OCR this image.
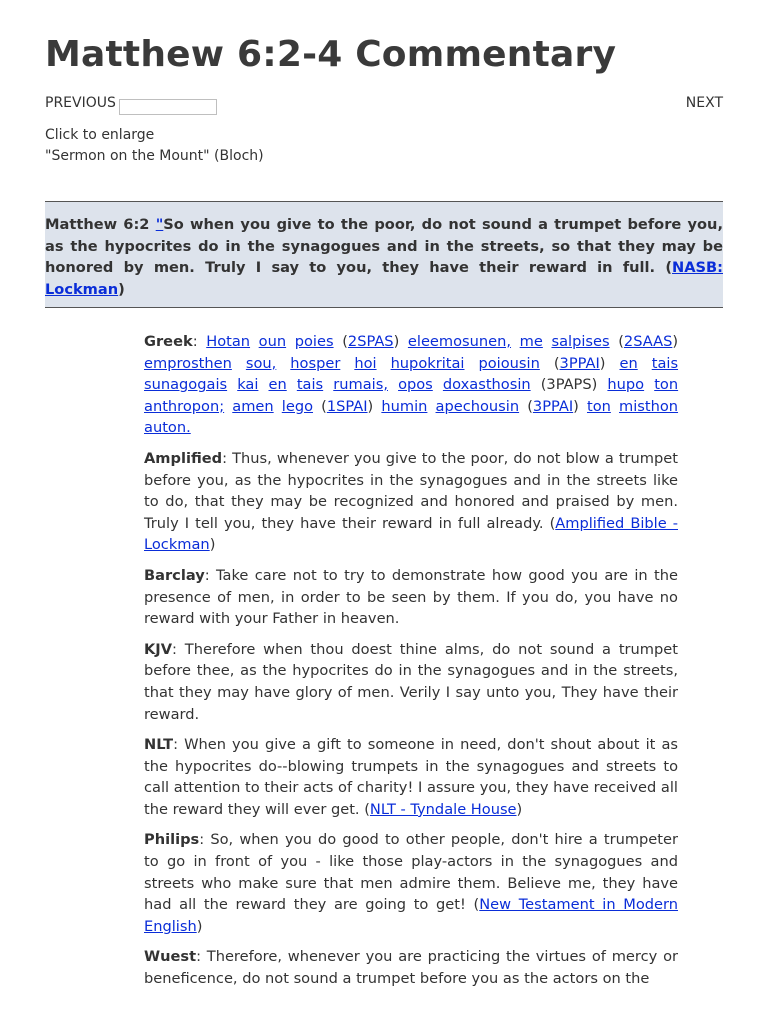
Matthew 6:2-4 Commentary
PREVIOUS	NEXT
Click to enlarge
"Sermon on the Mount" (Bloch)
Matthew 6:2 "So when you give to the poor, do not sound a trumpet before you, as the hypocrites do in the synagogues and in the streets, so that they may be honored by men. Truly I say to you, they have their reward in full. (NASB: Lockman)

Greek: Hotan oun poies (2SPAS) eleemosunen, me salpises (2SAAS) emprosthen sou, hosper hoi hupokritai poiousin (3PPAI) en tais sunagogais kai en tais rumais, opos doxasthosin (3PAPS) hupo ton anthropon; amen lego (1SPAI) humin apechousin (3PPAI) ton misthon auton.

Amplified: Thus, whenever you give to the poor, do not blow a trumpet before you, as the hypocrites in the synagogues and in the streets like to do, that they may be recognized and honored and praised by men. Truly I tell you, they have their reward in full already. (Amplified Bible - Lockman)

Barclay: Take care not to try to demonstrate how good you are in the presence of men, in order to be seen by them. If you do, you have no reward with your Father in heaven.

KJV: Therefore when thou doest thine alms, do not sound a trumpet before thee, as the hypocrites do in the synagogues and in the streets, that they may have glory of men. Verily I say unto you, They have their reward.

NLT: When you give a gift to someone in need, don't shout about it as the hypocrites do--blowing trumpets in the synagogues and streets to call attention to their acts of charity! I assure you, they have received all the reward they will ever get. (NLT - Tyndale House)

Philips: So, when you do good to other people, don't hire a trumpeter to go in front of you - like those play-actors in the synagogues and streets who make sure that men admire them. Believe me, they have had all the reward they are going to get! (New Testament in Modern English)

Wuest: Therefore, whenever you are practicing the virtues of mercy or beneficence, do not sound a trumpet before you as the actors on the
